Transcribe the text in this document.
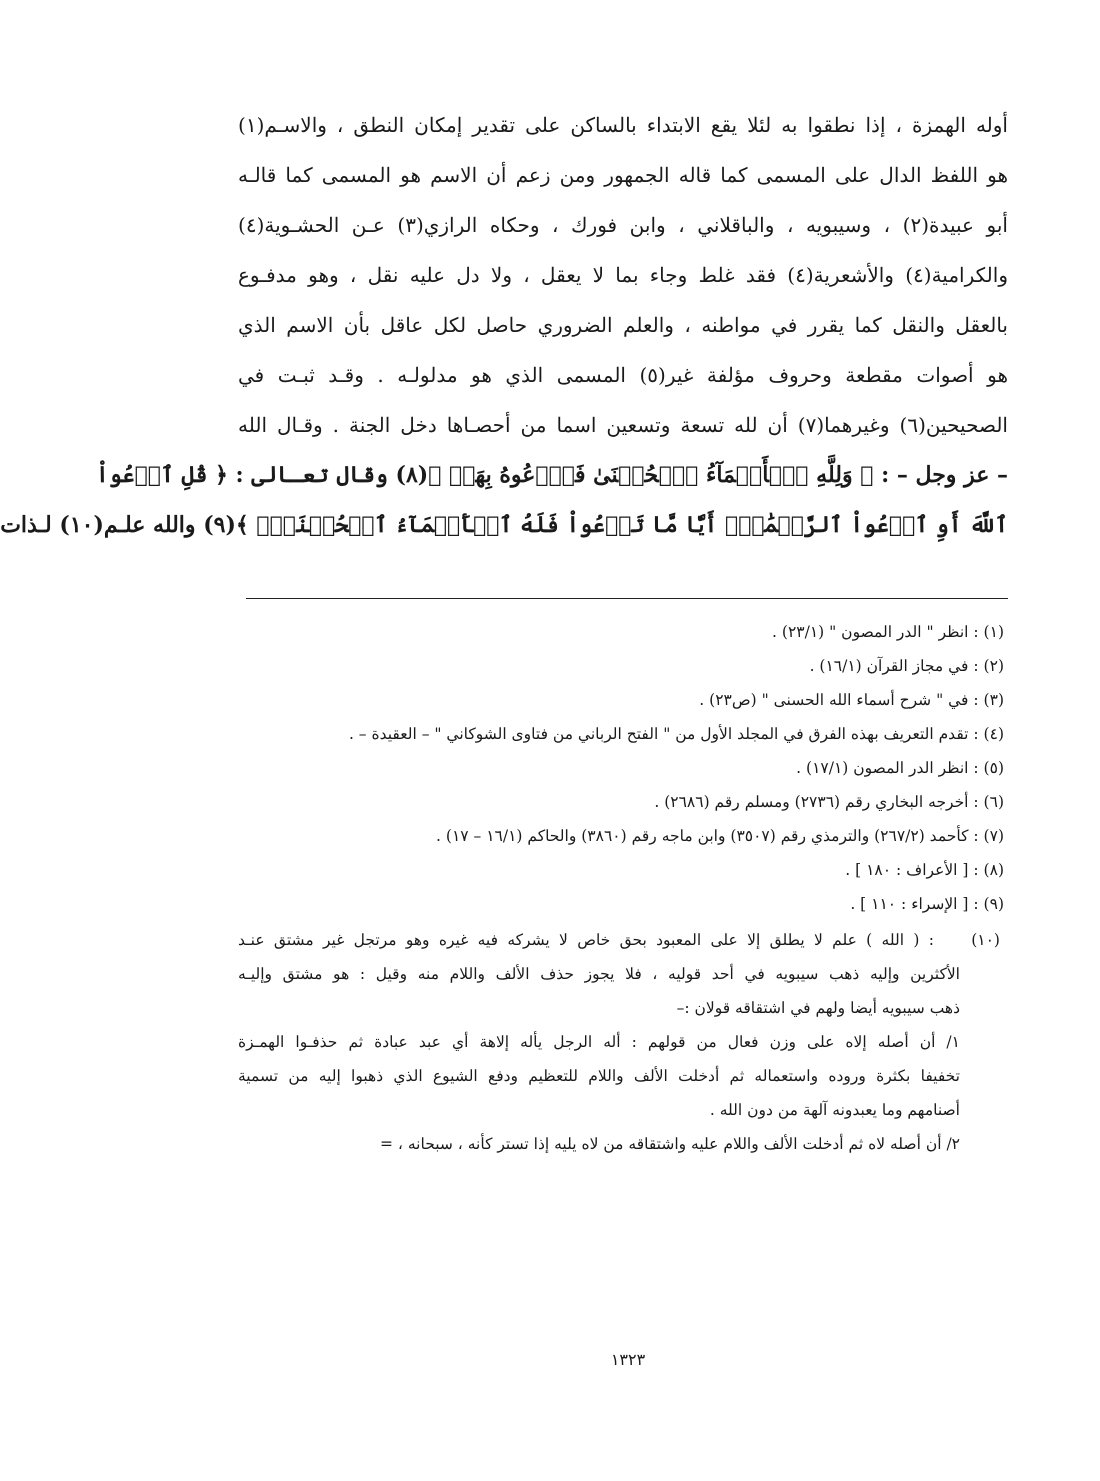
أوله الهمزة ، إذا نطقوا به لئلا يقع الابتداء بالساكن على تقدير إمكان النطق ، والاسـم(١)
هو اللفظ الدال على المسمى كما قاله الجمهور ومن زعم أن الاسم هو المسمى كما قالـه
أبو عبيدة(٢) ، وسيبويه ، والباقلاني ، وابن فورك ، وحكاه الرازي(٣) عـن الحشـوية(٤)
والكرامية(٤) والأشعرية(٤) فقد غلط وجاء بما لا يعقل ، ولا دل عليه نقل ، وهو مدفـوع
بالعقل والنقل كما يقرر في مواطنه ، والعلم الضروري حاصل لكل عاقل بأن الاسم الذي
هو أصوات مقطعة وحروف مؤلفة غير(٥) المسمى الذي هو مدلولـه . وقـد ثبـت في
الصحيحين(٦) وغيرهما(٧) أن لله تسعة وتسعين اسما من أحصـاها دخل الجنة . وقـال الله
– عز وجل – : ﴿ وَلِلَّهِ ٱلۡأَسۡمَآءُ ٱلۡحُسۡنَىٰ فَٱدۡعُوهُ بِهَاۖ ﴾(٨) وقال تعـالى : ﴿ قُلِ ٱدۡعُواْ
ٱللَّهَ أَوِ ٱدۡعُواْ ٱلرَّحۡمَٰنَۖ أَيّٗا مَّا تَدۡعُواْ فَلَهُ ٱلۡأَسۡمَآءُ ٱلۡحُسۡنَىٰۚ ﴾(٩) والله علـم(١٠) لـذات
(١) : انظر " الدر المصون " (٢٣/١) .
(٢) : في مجاز القرآن (١٦/١) .
(٣) : في " شرح أسماء الله الحسنى " (ص٢٣) .
(٤) : تقدم التعريف بهذه الفرق في المجلد الأول من " الفتح الرباني من فتاوى الشوكاني " – العقيدة – .
(٥) : انظر الدر المصون (١٧/١) .
(٦) : أخرجه البخاري رقم (٢٧٣٦) ومسلم رقم (٢٦٨٦) .
(٧) : كأحمد (٢٦٧/٢) والترمذي رقم (٣٥٠٧) وابن ماجه رقم (٣٨٦٠) والحاكم (١٦/١ – ١٧) .
(٨) : [ الأعراف : ١٨٠ ] .
(٩) : [ الإسراء : ١١٠ ] .
(١٠)    : ( الله ) علم لا يطلق إلا على المعبود بحق خاص لا يشركه فيه غيره وهو مرتجل غير مشتق عنـد
الأكثرين وإليه ذهب سيبويه في أحد قوليه ، فلا يجوز حذف الألف واللام منه وقيل : هو مشتق وإليـه
ذهب سيبويه أيضا ولهم في اشتقاقه قولان :–
١/ أن أصله إلاه على وزن فعال من قولهم : أله الرجل يأله إلاهة أي عبد عبادة ثم حذفـوا الهمـزة
تخفيفا بكثرة وروده واستعماله ثم أدخلت الألف واللام للتعظيم ودفع الشيوع الذي ذهبوا إليه من تسمية
أصنامهم وما يعبدونه آلهة من دون الله .
٢/ أن أصله لاه ثم أدخلت الألف واللام عليه واشتقاقه من لاه يليه إذا تستر كأنه ، سبحانه ، =
١٣٢٣
